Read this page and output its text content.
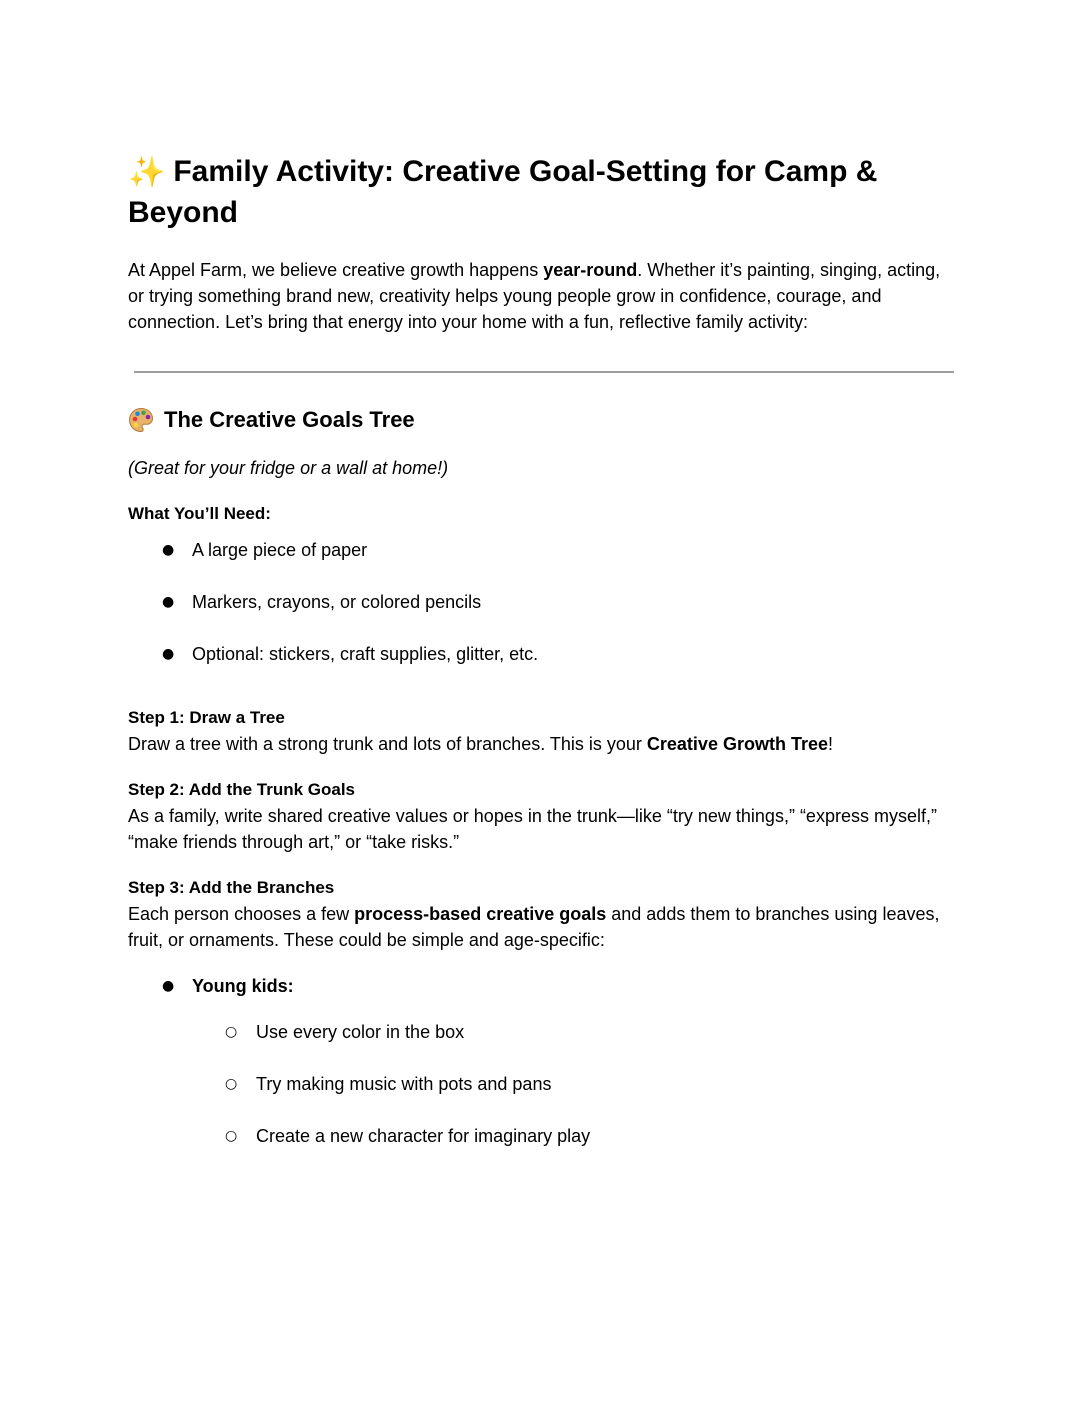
✨ Family Activity: Creative Goal-Setting for Camp & Beyond

At Appel Farm, we believe creative growth happens year-round. Whether it’s painting, singing, acting, or trying something brand new, creativity helps young people grow in confidence, courage, and connection. Let’s bring that energy into your home with a fun, reflective family activity:

The Creative Goals Tree

(Great for your fridge or a wall at home!)

What You’ll Need:

● A large piece of paper
● Markers, crayons, or colored pencils
● Optional: stickers, craft supplies, glitter, etc.

Step 1: Draw a Tree

Draw a tree with a strong trunk and lots of branches. This is your Creative Growth Tree!

Step 2: Add the Trunk Goals

As a family, write shared creative values or hopes in the trunk—like “try new things,” “express myself,” “make friends through art,” or “take risks.”

Step 3: Add the Branches

Each person chooses a few process-based creative goals and adds them to branches using leaves, fruit, or ornaments. These could be simple and age-specific:

● Young kids:

○ Use every color in the box
○ Try making music with pots and pans
○ Create a new character for imaginary play
